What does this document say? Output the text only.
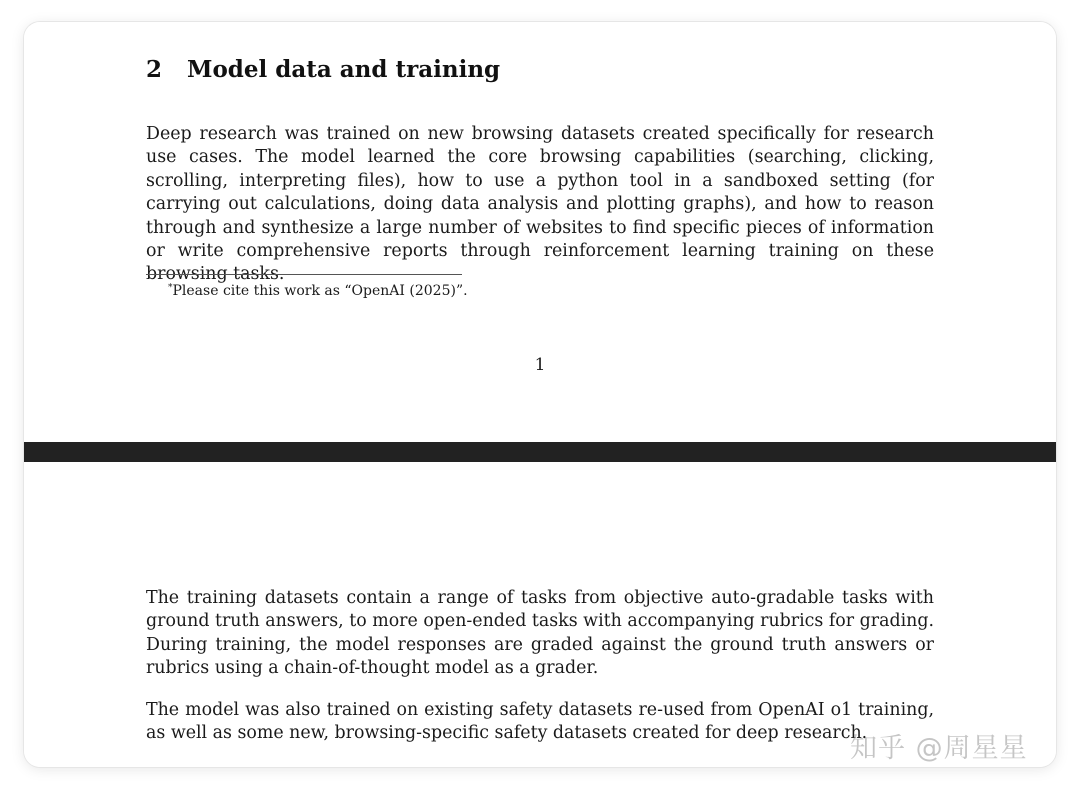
2 Model data and training

Deep research was trained on new browsing datasets created specifically for research use cases. The model learned the core browsing capabilities (searching, clicking, scrolling, interpreting files), how to use a python tool in a sandboxed setting (for carrying out calculations, doing data analysis and plotting graphs), and how to reason through and synthesize a large number of websites to find specific pieces of information or write comprehensive reports through reinforcement learning training on these browsing tasks.

*Please cite this work as “OpenAI (2025)”.

1

The training datasets contain a range of tasks from objective auto-gradable tasks with ground truth answers, to more open-ended tasks with accompanying rubrics for grading. During training, the model responses are graded against the ground truth answers or rubrics using a chain-of-thought model as a grader.

The model was also trained on existing safety datasets re-used from OpenAI o1 training, as well as some new, browsing-specific safety datasets created for deep research.

知乎 @周星星
